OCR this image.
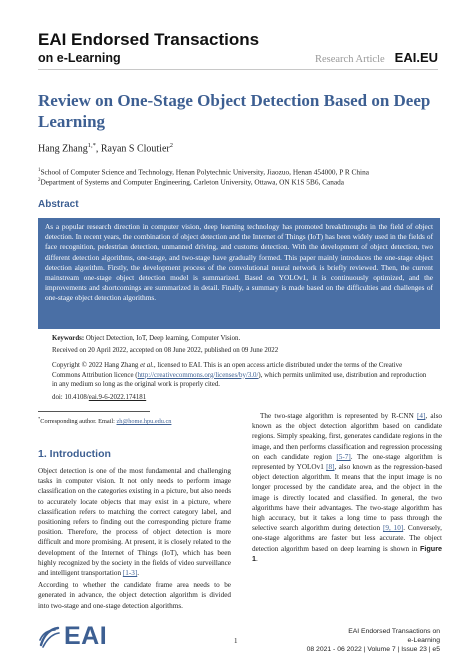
EAI Endorsed Transactions
on e-Learning	Research Article EAI.EU
Review on One-Stage Object Detection Based on Deep Learning
Hang Zhang$^{1,*}$, Rayan S Cloutier$^2$
$^1$School of Computer Science and Technology, Henan Polytechnic University, Jiaozuo, Henan 454000, P R China
$^2$Department of Systems and Computer Engineering, Carleton University, Ottawa, ON K1S 5B6, Canada
Abstract
As a popular research direction in computer vision, deep learning technology has promoted breakthroughs in the field of object detection. In recent years, the combination of object detection and the Internet of Things (IoT) has been widely used in the fields of face recognition, pedestrian detection, unmanned driving, and customs detection. With the development of object detection, two different detection algorithms, one-stage, and two-stage have gradually formed. This paper mainly introduces the one-stage object detection algorithm. Firstly, the development process of the convolutional neural network is briefly reviewed. Then, the current mainstream one-stage object detection model is summarized. Based on YOLOv1, it is continuously optimized, and the improvements and shortcomings are summarized in detail. Finally, a summary is made based on the difficulties and challenges of one-stage object detection algorithms.
Keywords: Object Detection, IoT, Deep learning, Computer Vision.
Received on 20 April 2022, accepted on 08 June 2022, published on 09 June 2022
Copyright © 2022 Hang Zhang et al., licensed to EAI. This is an open access article distributed under the terms of the Creative Commons Attribution licence (http://creativecommons.org/licenses/by/3.0/), which permits unlimited use, distribution and reproduction in any medium so long as the original work is properly cited.
doi: 10.4108/eai.9-6-2022.174181
*Corresponding author. Email: zh@home.hpu.edu.cn
1. Introduction

Object detection is one of the most fundamental and challenging tasks in computer vision. It not only needs to perform image classification on the categories existing in a picture, but also needs to accurately locate objects that may exist in a picture, where classification refers to matching the correct category label, and positioning refers to finding out the corresponding picture frame position. Therefore, the process of object detection is more difficult and more promising. At present, it is closely related to the development of the Internet of Things (IoT), which has been highly recognized by the society in the fields of video surveillance and intelligent transportation [1-3].

According to whether the candidate frame area needs to be generated in advance, the object detection algorithm is divided into two-stage and one-stage detection algorithms.

The two-stage algorithm is represented by R-CNN [4], also known as the object detection algorithm based on candidate regions. Simply speaking, first, generates candidate regions in the image, and then performs classification and regression processing on each candidate region [5-7]. The one-stage algorithm is represented by YOLOv1 [8], also known as the regression-based object detection algorithm. It means that the input image is no longer processed by the candidate area, and the object in the image is directly located and classified. In general, the two algorithms have their advantages. The two-stage algorithm has high accuracy, but it takes a long time to pass through the selective search algorithm during detection [9, 10]. Conversely, one-stage algorithms are faster but less accurate. The object detection algorithm based on deep learning is shown in Figure 1.

EAI	1
EAI Endorsed Transactions on
e-Learning
08 2021 - 06 2022 | Volume 7 | Issue 23 | e5
